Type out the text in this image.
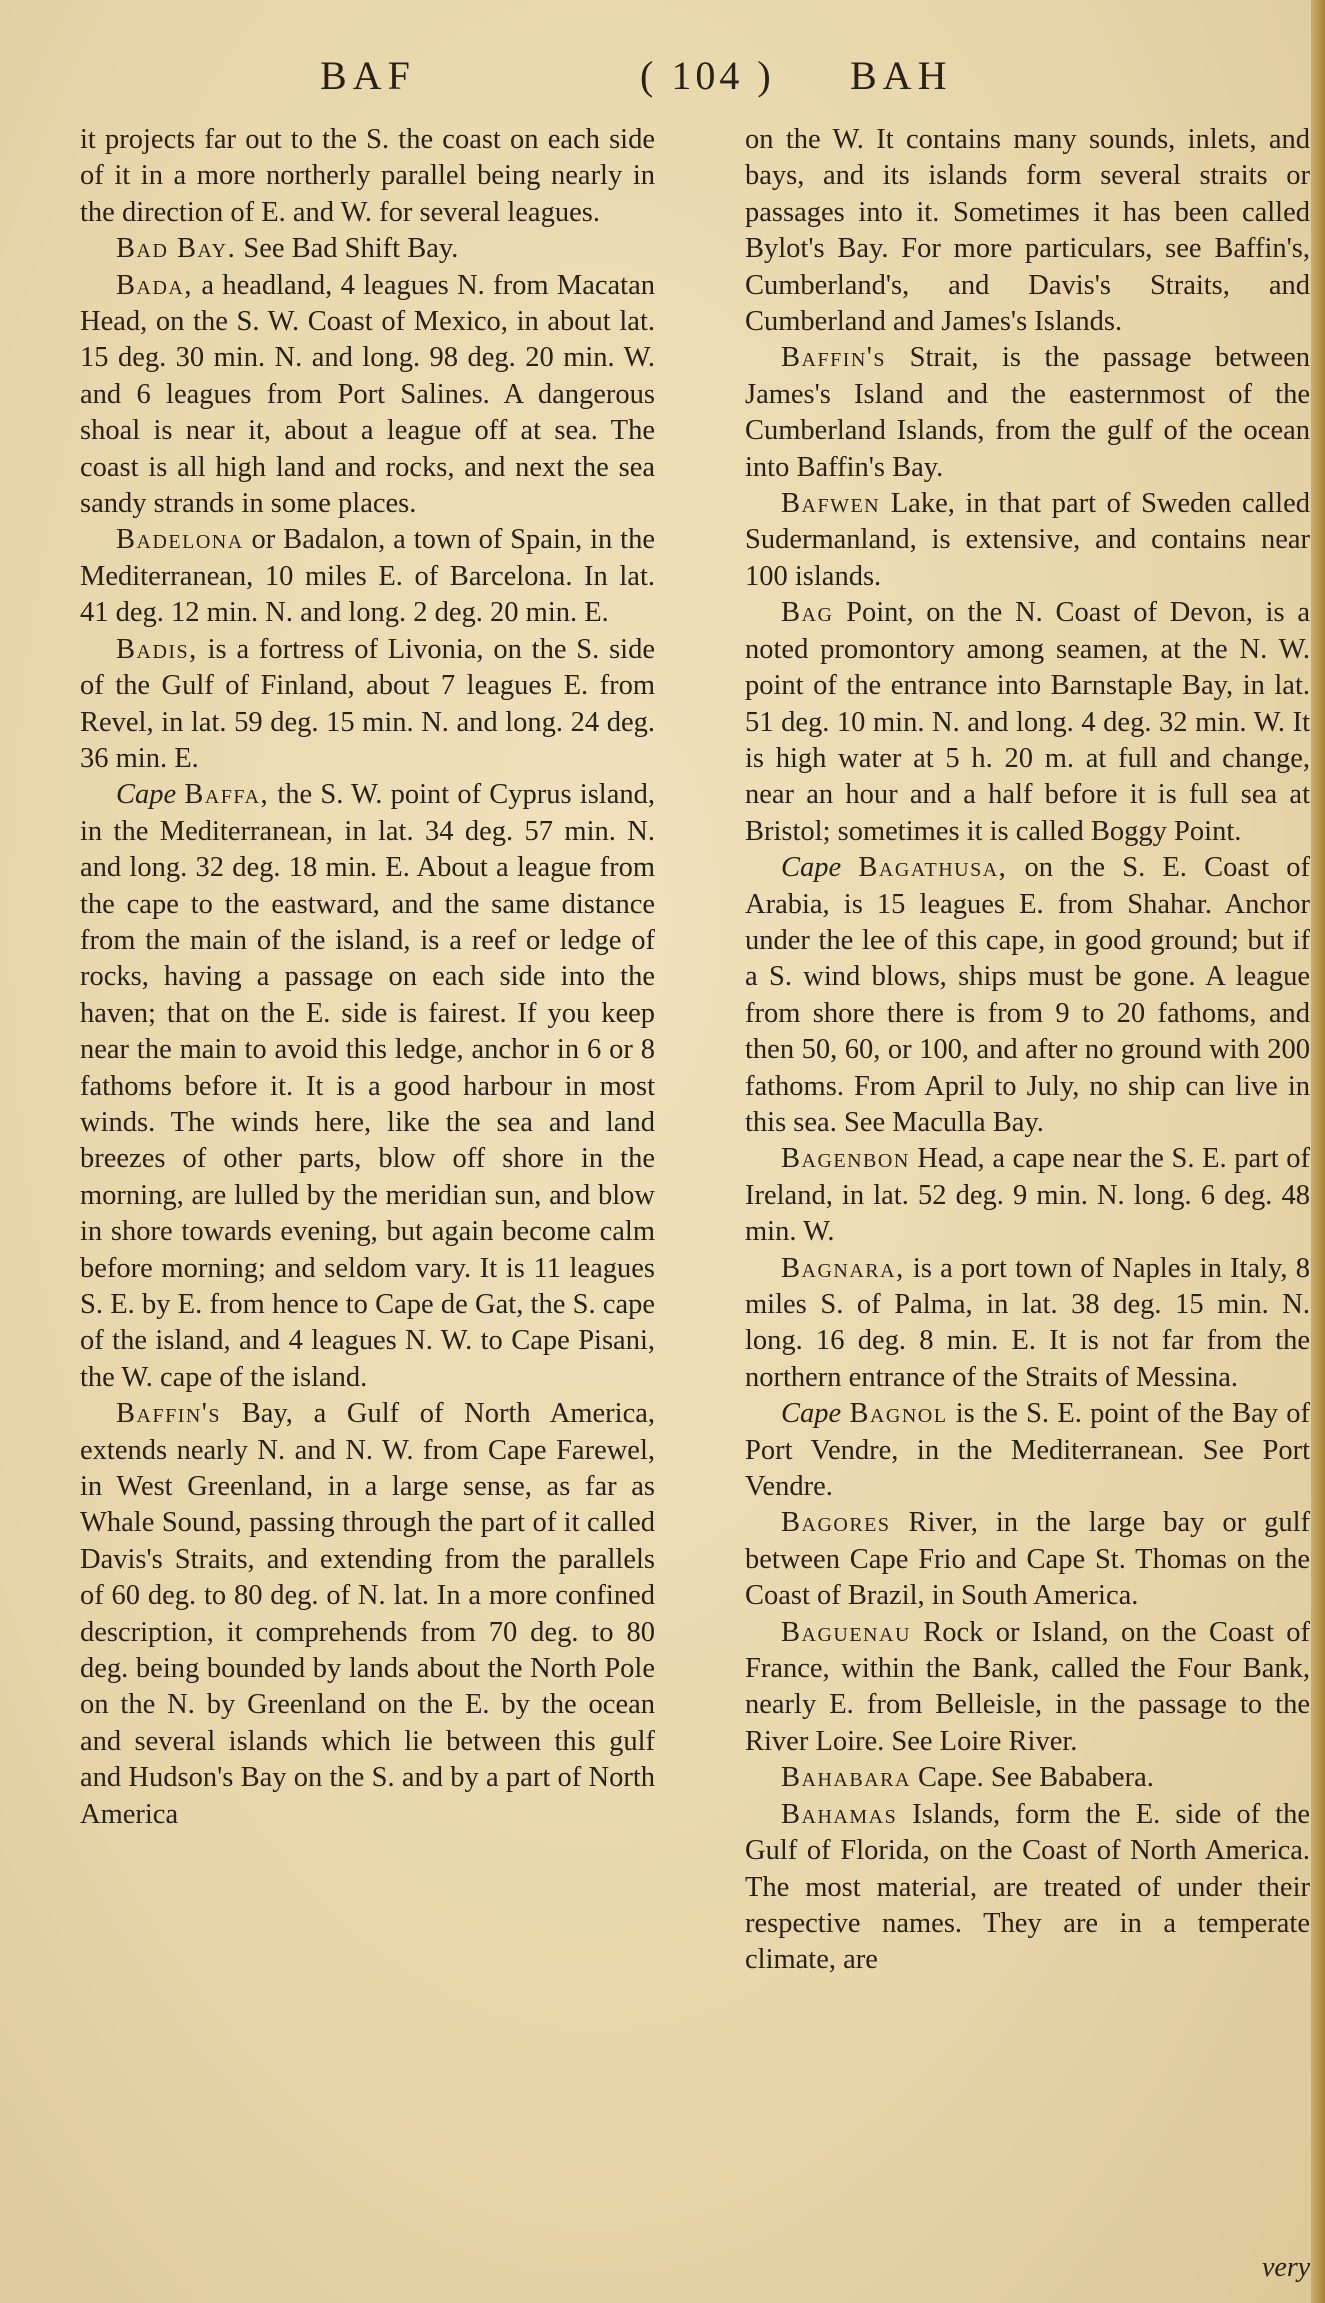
BAF	( 104 ) BAH

it projects far out to the S. the coast on each side of it in a more northerly parallel being nearly in the direction of E. and W. for several leagues.

Bad Bay. See Bad Shift Bay.

Bada, a headland, 4 leagues N. from Macatan Head, on the S. W. Coast of Mexico, in about lat. 15 deg. 30 min. N. and long. 98 deg. 20 min. W. and 6 leagues from Port Salines. A dangerous shoal is near it, about a league off at sea. The coast is all high land and rocks, and next the sea sandy strands in some places.

Badelona or Badalon, a town of Spain, in the Mediterranean, 10 miles E. of Barcelona. In lat. 41 deg. 12 min. N. and long. 2 deg. 20 min. E.

Badis, is a fortress of Livonia, on the S. side of the Gulf of Finland, about 7 leagues E. from Revel, in lat. 59 deg. 15 min. N. and long. 24 deg. 36 min. E.

Cape Baffa, the S. W. point of Cyprus island, in the Mediterranean, in lat. 34 deg. 57 min. N. and long. 32 deg. 18 min. E. About a league from the cape to the eastward, and the same distance from the main of the island, is a reef or ledge of rocks, having a passage on each side into the haven; that on the E. side is fairest. If you keep near the main to avoid this ledge, anchor in 6 or 8 fathoms before it. It is a good harbour in most winds. The winds here, like the sea and land breezes of other parts, blow off shore in the morning, are lulled by the meridian sun, and blow in shore towards evening, but again become calm before morning; and seldom vary. It is 11 leagues S. E. by E. from hence to Cape de Gat, the S. cape of the island, and 4 leagues N. W. to Cape Pisani, the W. cape of the island.

Baffin's Bay, a Gulf of North America, extends nearly N. and N. W. from Cape Farewel, in West Greenland, in a large sense, as far as Whale Sound, passing through the part of it called Davis's Straits, and extending from the parallels of 60 deg. to 80 deg. of N. lat. In a more confined description, it comprehends from 70 deg. to 80 deg. being bounded by lands about the North Pole on the N. by Greenland on the E. by the ocean and several islands which lie between this gulf and Hudson's Bay on the S. and by a part of North America

on the W. It contains many sounds, inlets, and bays, and its islands form several straits or passages into it. Sometimes it has been called Bylot's Bay. For more particulars, see Baffin's, Cumberland's, and Davis's Straits, and Cumberland and James's Islands.

Baffin's Strait, is the passage between James's Island and the easternmost of the Cumberland Islands, from the gulf of the ocean into Baffin's Bay.

Bafwen Lake, in that part of Sweden called Sudermanland, is extensive, and contains near 100 islands.

Bag Point, on the N. Coast of Devon, is a noted promontory among seamen, at the N. W. point of the entrance into Barnstaple Bay, in lat. 51 deg. 10 min. N. and long. 4 deg. 32 min. W. It is high water at 5 h. 20 m. at full and change, near an hour and a half before it is full sea at Bristol; sometimes it is called Boggy Point.

Cape Bagathusa, on the S. E. Coast of Arabia, is 15 leagues E. from Shahar. Anchor under the lee of this cape, in good ground; but if a S. wind blows, ships must be gone. A league from shore there is from 9 to 20 fathoms, and then 50, 60, or 100, and after no ground with 200 fathoms. From April to July, no ship can live in this sea. See Maculla Bay.

Bagenbon Head, a cape near the S. E. part of Ireland, in lat. 52 deg. 9 min. N. long. 6 deg. 48 min. W.

Bagnara, is a port town of Naples in Italy, 8 miles S. of Palma, in lat. 38 deg. 15 min. N. long. 16 deg. 8 min. E. It is not far from the northern entrance of the Straits of Messina.

Cape Bagnol is the S. E. point of the Bay of Port Vendre, in the Mediterranean. See Port Vendre.

Bagores River, in the large bay or gulf between Cape Frio and Cape St. Thomas on the Coast of Brazil, in South America.

Baguenau Rock or Island, on the Coast of France, within the Bank, called the Four Bank, nearly E. from Belleisle, in the passage to the River Loire. See Loire River.

Bahabara Cape. See Bababera.

Bahamas Islands, form the E. side of the Gulf of Florida, on the Coast of North America. The most material, are treated of under their respective names. They are in a temperate climate, are

very
